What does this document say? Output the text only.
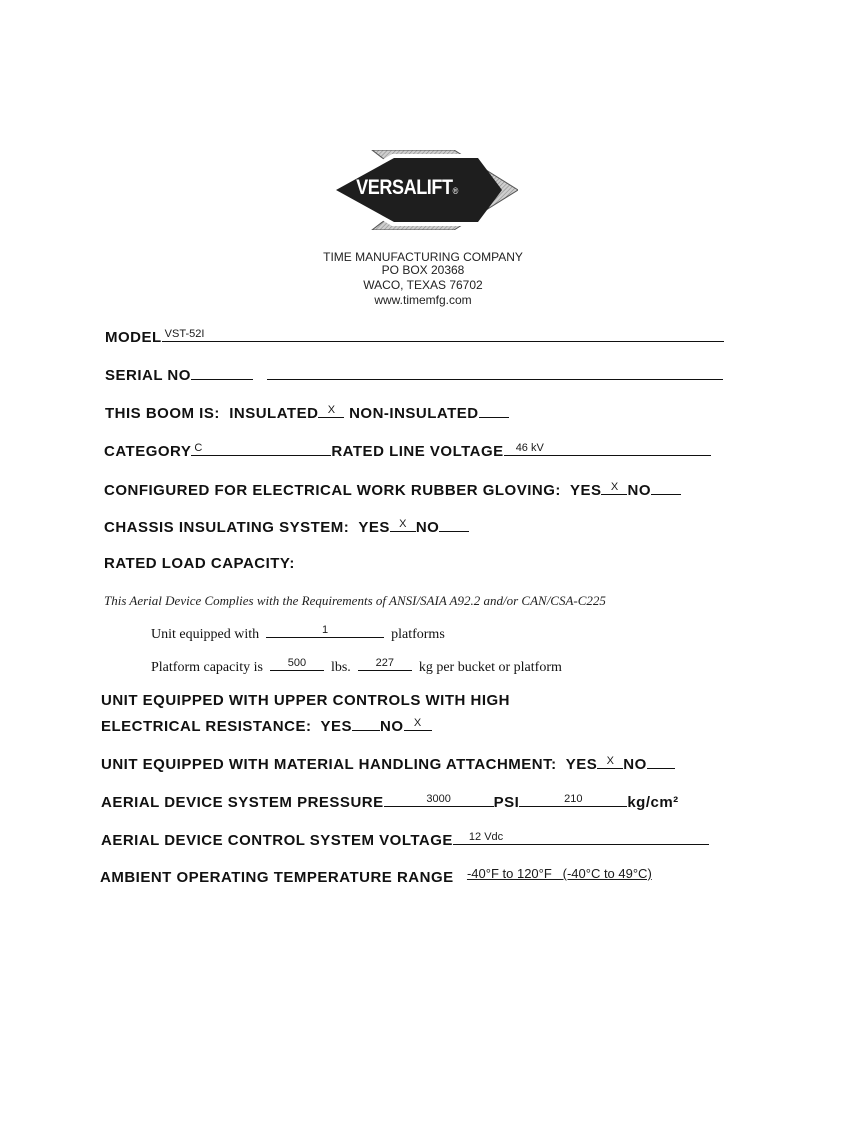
VERSALIFT®
TIME MANUFACTURING COMPANY
PO BOX 20368
WACO, TEXAS 76702
www.timemfg.com
MODEL VST-52I
SERIAL NO
THIS BOOM IS: INSULATED X NON-INSULATED
CATEGORY C	RATED LINE VOLTAGE 46 kV
CONFIGURED FOR ELECTRICAL WORK RUBBER GLOVING: YES X NO
CHASSIS INSULATING SYSTEM: YES X NO
RATED LOAD CAPACITY:
This Aerial Device Complies with the Requirements of ANSI/SAIA A92.2 and/or CAN/CSA-C225
Unit equipped with	1	platforms
Platform capacity is	500	lbs.	227	kg per bucket or platform
UNIT EQUIPPED WITH UPPER CONTROLS WITH HIGH
ELECTRICAL RESISTANCE: YES NO X
UNIT EQUIPPED WITH MATERIAL HANDLING ATTACHMENT: YES X NO
AERIAL DEVICE SYSTEM PRESSURE	3000	PSI	210	kg/cm²
AERIAL DEVICE CONTROL SYSTEM VOLTAGE 12 Vdc
AMBIENT OPERATING TEMPERATURE RANGE -40°F to 120°F   (-40°C to 49°C)
